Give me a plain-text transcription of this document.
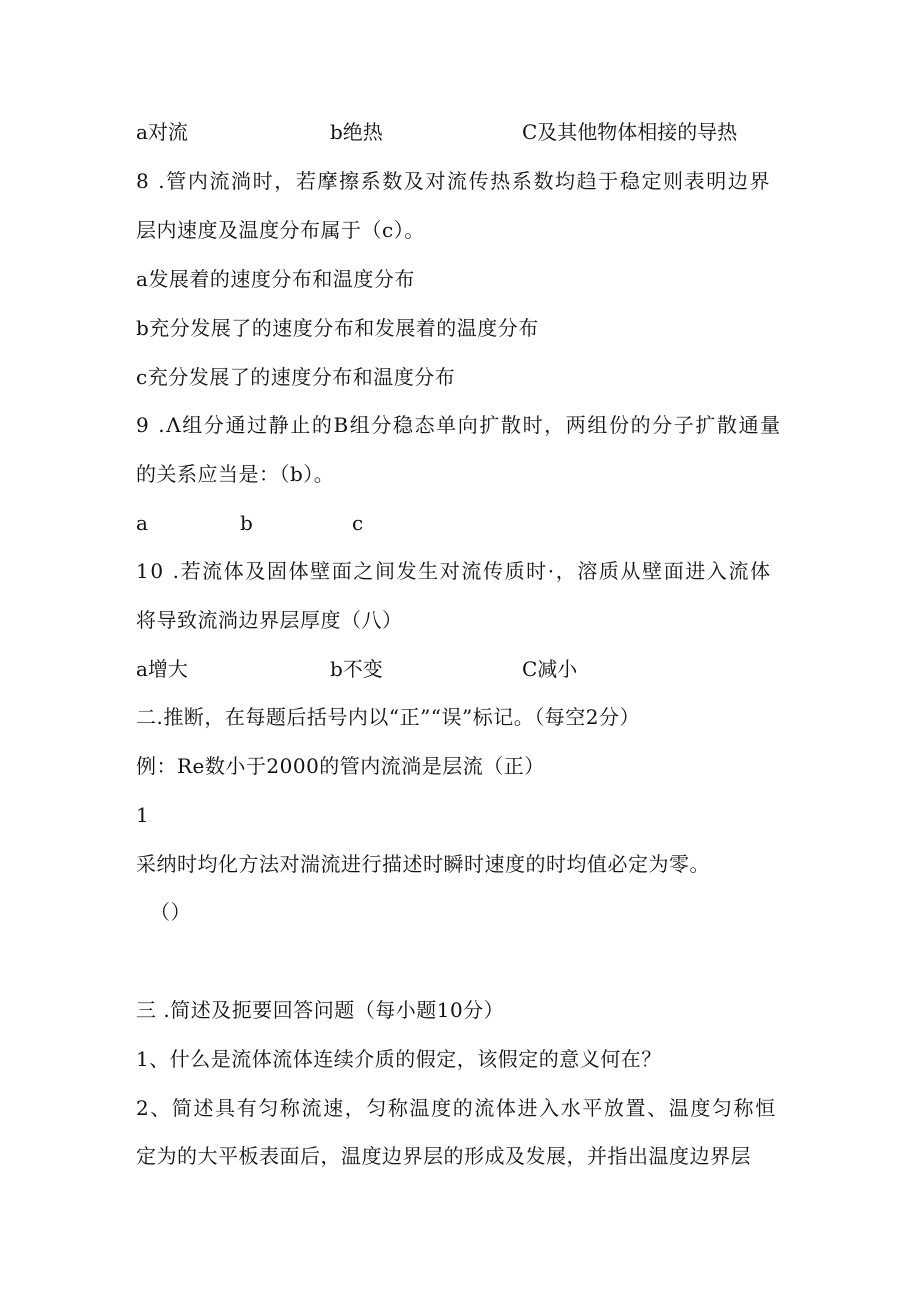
a对流	b绝热	C及其他物体相接的导热
8 .管内流淌时，若摩擦系数及对流传热系数均趋于稳定则表明边界
层内速度及温度分布属于（c）。
a发展着的速度分布和温度分布
b充分发展了的速度分布和发展着的温度分布
c充分发展了的速度分布和温度分布
9 .Λ组分通过静止的B组分稳态单向扩散时，两组份的分子扩散通量
的关系应当是：（b）。
a	b	c
10 .若流体及固体壁面之间发生对流传质时·，溶质从壁面进入流体
将导致流淌边界层厚度（八）
a增大	b不变	C减小
二.推断，在每题后括号内以“正”“误”标记。（每空2分）
例：Re数小于2000的管内流淌是层流（正）
1
采纳时均化方法对湍流进行描述时瞬时速度的时均值必定为零。
（）
三 .简述及扼要回答问题（每小题10分）
1、什么是流体流体连续介质的假定，该假定的意义何在？
2、简述具有匀称流速，匀称温度的流体进入水平放置、温度匀称恒
定为的大平板表面后，温度边界层的形成及发展，并指出温度边界层
